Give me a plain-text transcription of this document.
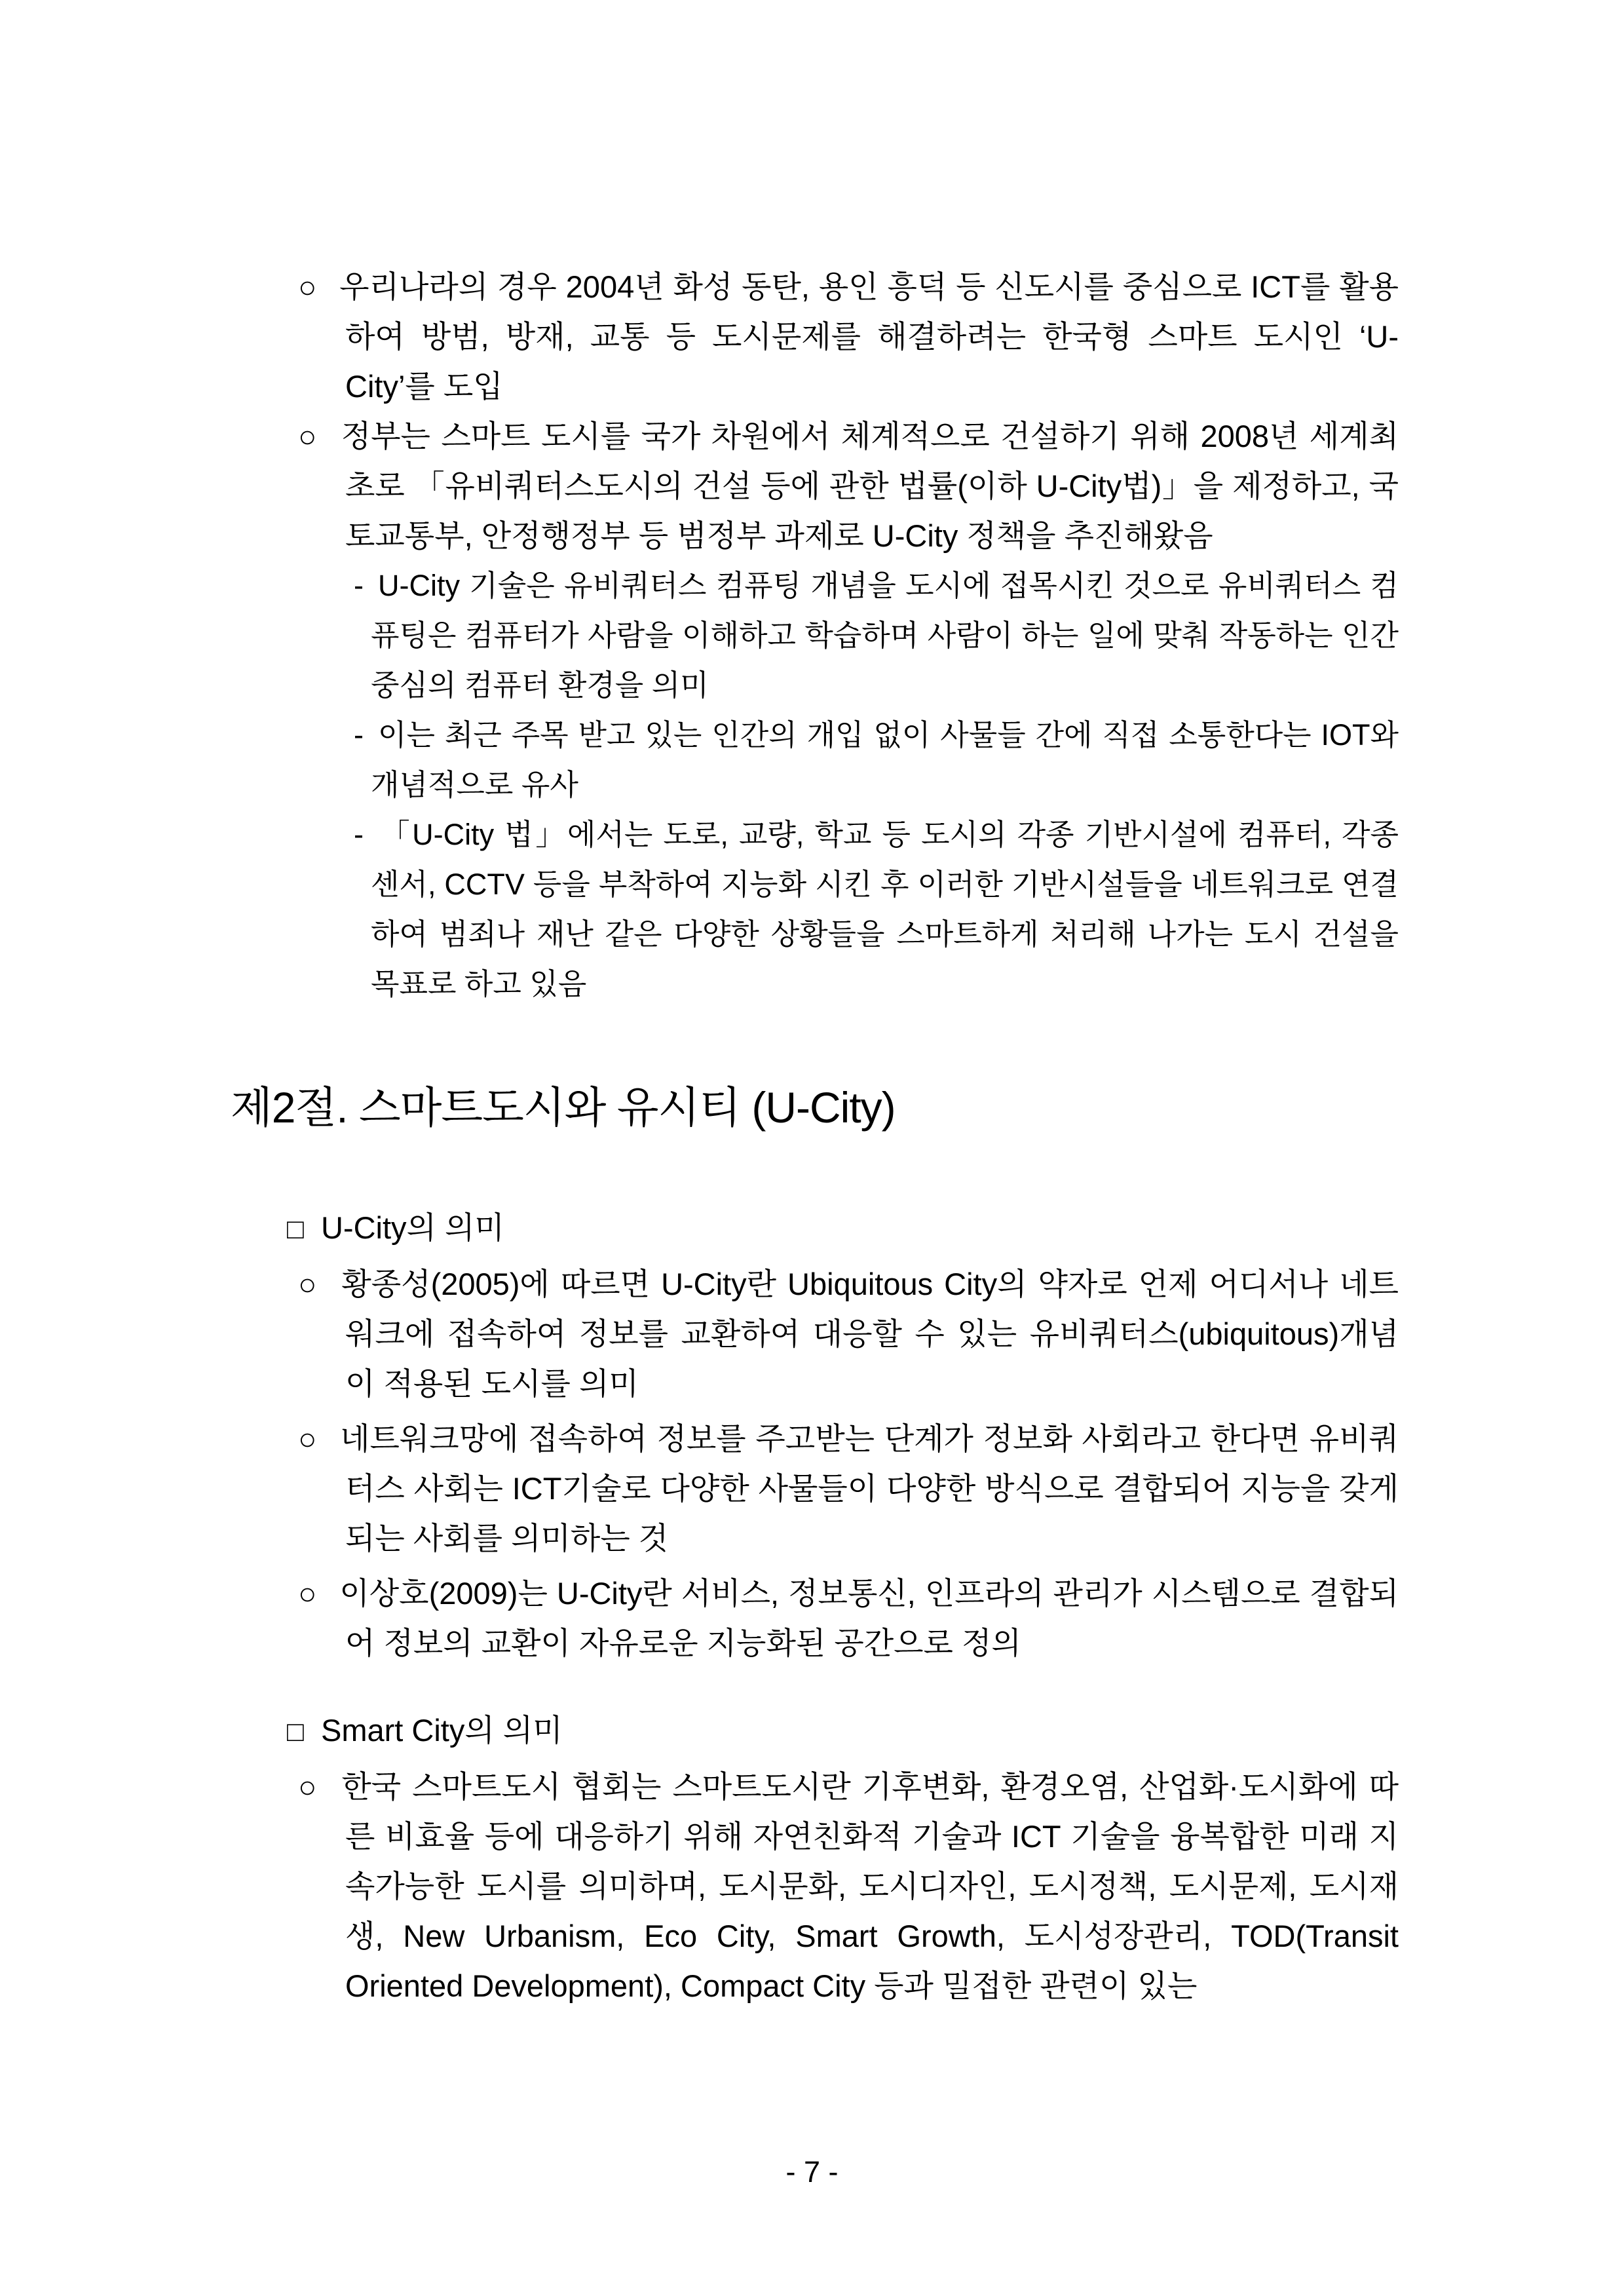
○ 우리나라의 경우 2004년 화성 동탄, 용인 흥덕 등 신도시를 중심으로 ICT를 활용하여 방범, 방재, 교통 등 도시문제를 해결하려는 한국형 스마트 도시인 ‘U-City’를 도입

○ 정부는 스마트 도시를 국가 차원에서 체계적으로 건설하기 위해 2008년 세계최초로 「유비쿼터스도시의 건설 등에 관한 법률(이하 U-City법)」을 제정하고, 국토교통부, 안정행정부 등 범정부 과제로 U-City 정책을 추진해왔음

- U-City 기술은 유비쿼터스 컴퓨팅 개념을 도시에 접목시킨 것으로 유비쿼터스 컴퓨팅은 컴퓨터가 사람을 이해하고 학습하며 사람이 하는 일에 맞춰 작동하는 인간 중심의 컴퓨터 환경을 의미

- 이는 최근 주목 받고 있는 인간의 개입 없이 사물들 간에 직접 소통한다는 IOT와 개념적으로 유사

- 「U-City 법」에서는 도로, 교량, 학교 등 도시의 각종 기반시설에 컴퓨터, 각종 센서, CCTV 등을 부착하여 지능화 시킨 후 이러한 기반시설들을 네트워크로 연결하여 범죄나 재난 같은 다양한 상황들을 스마트하게 처리해 나가는 도시 건설을 목표로 하고 있음

제2절. 스마트도시와 유시티 (U-City)
□ U-City의 의미

○ 황종성(2005)에 따르면 U-City란 Ubiquitous City의 약자로 언제 어디서나 네트워크에 접속하여 정보를 교환하여 대응할 수 있는 유비쿼터스(ubiquitous)개념이 적용된 도시를 의미

○ 네트워크망에 접속하여 정보를 주고받는 단계가 정보화 사회라고 한다면 유비쿼터스 사회는 ICT기술로 다양한 사물들이 다양한 방식으로 결합되어 지능을 갖게 되는 사회를 의미하는 것

○ 이상호(2009)는 U-City란 서비스, 정보통신, 인프라의 관리가 시스템으로 결합되어 정보의 교환이 자유로운 지능화된 공간으로 정의

□ Smart City의 의미

○ 한국 스마트도시 협회는 스마트도시란 기후변화, 환경오염, 산업화·도시화에 따른 비효율 등에 대응하기 위해 자연친화적 기술과 ICT 기술을 융복합한 미래 지속가능한 도시를 의미하며, 도시문화, 도시디자인, 도시정책, 도시문제, 도시재생, New Urbanism, Eco City, Smart Growth, 도시성장관리, TOD(Transit Oriented Development), Compact City 등과 밀접한 관련이 있는

- 7 -
